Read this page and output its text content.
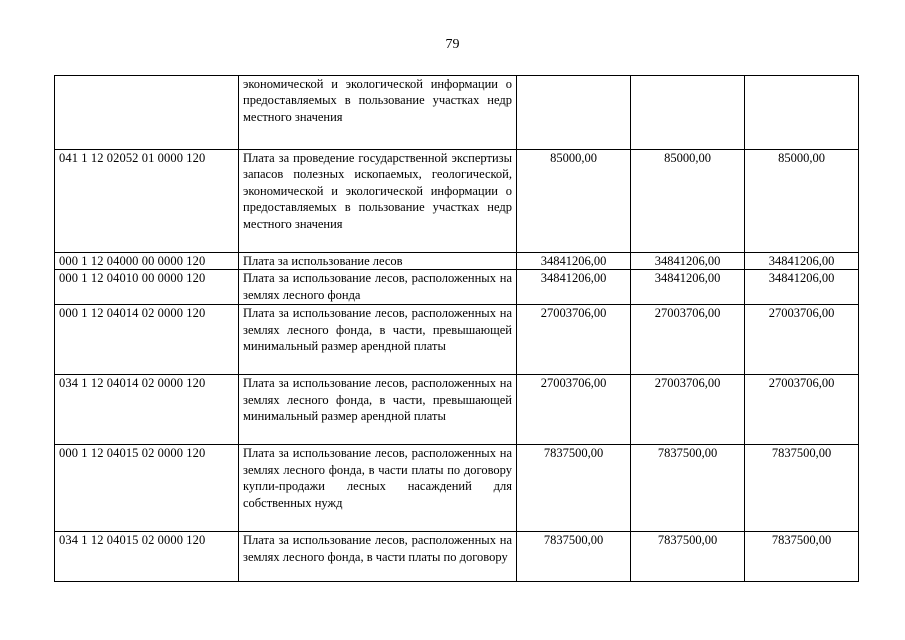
79
	экономической и экологической информации о предоставляемых в пользование участках недр местного значения			
041 1 12 02052 01 0000 120	Плата за проведение государственной экспертизы запасов полезных ископаемых, геологической, экономической и экологической информации о предоставляемых в пользование участках недр местного значения	85000,00	85000,00	85000,00
000 1 12 04000 00 0000 120	Плата за использование лесов	34841206,00	34841206,00	34841206,00
000 1 12 04010 00 0000 120	Плата за использование лесов, расположенных на землях лесного фонда	34841206,00	34841206,00	34841206,00
000 1 12 04014 02 0000 120	Плата за использование лесов, расположенных на землях лесного фонда, в части, превышающей минимальный размер арендной платы	27003706,00	27003706,00	27003706,00
034 1 12 04014 02 0000 120	Плата за использование лесов, расположенных на землях лесного фонда, в части, превышающей минимальный размер арендной платы	27003706,00	27003706,00	27003706,00
000 1 12 04015 02 0000 120	Плата за использование лесов, расположенных на землях лесного фонда, в части платы по договору купли-продажи лесных насаждений для собственных нужд	7837500,00	7837500,00	7837500,00
034 1 12 04015 02 0000 120	Плата за использование лесов, расположенных на землях лесного фонда, в части платы по договору	7837500,00	7837500,00	7837500,00
